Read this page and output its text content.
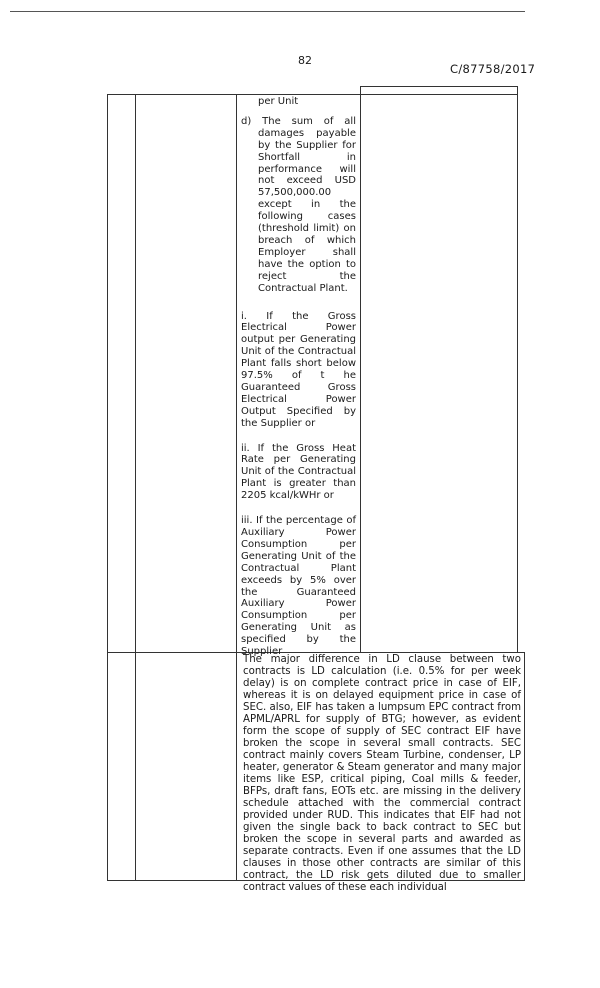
82
C/87758/2017

per Unit

d) The sum of all damages payable by the Supplier for Shortfall in performance will not exceed USD 57,500,000.00 except in the following cases (threshold limit) on breach of which Employer shall have the option to reject the Contractual Plant.

i. If the Gross Electrical Power output per Generating Unit of the Contractual Plant falls short below 97.5% of t he Guaranteed Gross Electrical Power Output Specified by the Supplier or

ii. If the Gross Heat Rate per Generating Unit of the Contractual Plant is greater than 2205 kcal/kWHr or

iii. If the percentage of Auxiliary Power Consumption per Generating Unit of the Contractual Plant exceeds by 5% over the Guaranteed Auxiliary Power Consumption per Generating Unit as specified by the Supplier

The major difference in LD clause between two contracts is LD calculation (i.e. 0.5% for per week delay) is on complete contract price in case of EIF, whereas it is on delayed equipment price in case of SEC. also, EIF has taken a lumpsum EPC contract from APML/APRL for supply of BTG; however, as evident form the scope of supply of SEC contract EIF have broken the scope in several small contracts. SEC contract mainly covers Steam Turbine, condenser, LP heater, generator & Steam generator and many major items like ESP, critical piping, Coal mills & feeder, BFPs, draft fans, EOTs etc. are missing in the delivery schedule attached with the commercial contract provided under RUD. This indicates that EIF had not given the single back to back contract to SEC but broken the scope in several parts and awarded as separate contracts. Even if one assumes that the LD clauses in those other contracts are similar of this contract, the LD risk gets diluted due to smaller contract values of these each individual
